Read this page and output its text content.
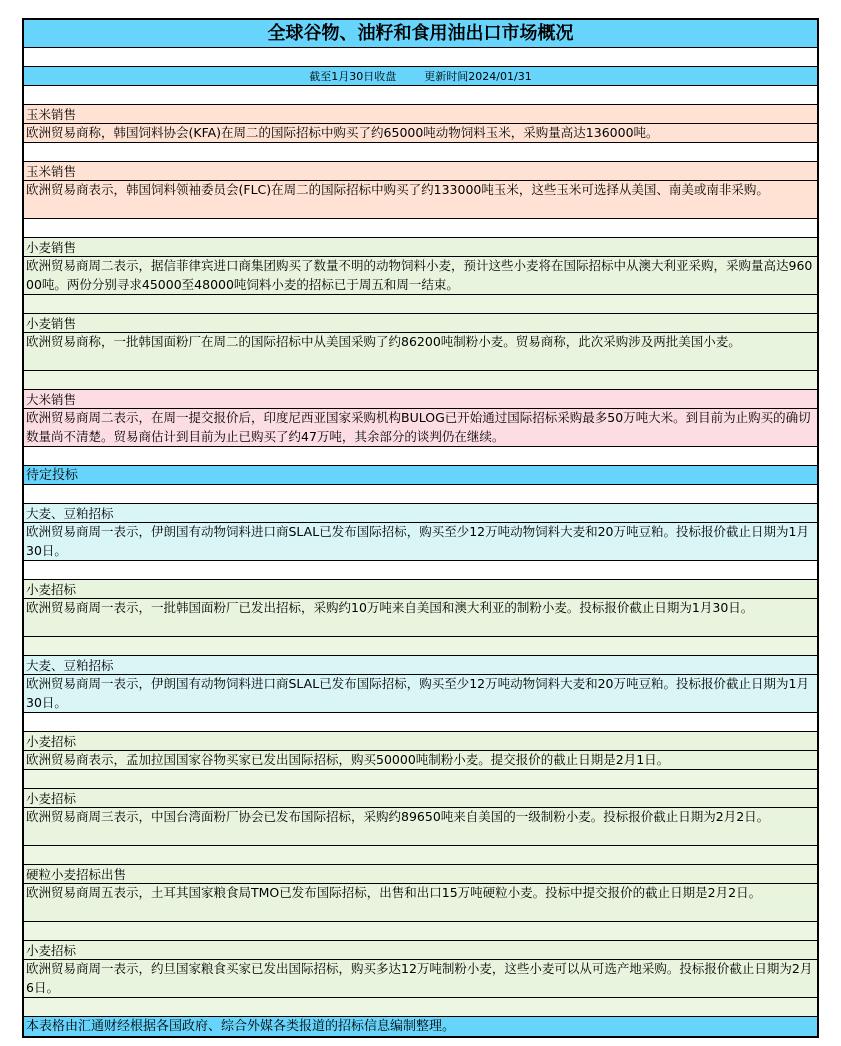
全球谷物、油籽和食用油出口市场概况
截至1月30日收盘	更新时间2024/01/31
玉米销售
欧洲贸易商称，韩国饲料协会(KFA)在周二的国际招标中购买了约65000吨动物饲料玉米，采购量高达136000吨。
玉米销售
欧洲贸易商表示，韩国饲料领袖委员会(FLC)在周二的国际招标中购买了约133000吨玉米，这些玉米可选择从美国、南美或南非采购。
小麦销售
欧洲贸易商周二表示，据信菲律宾进口商集团购买了数量不明的动物饲料小麦，预计这些小麦将在国际招标中从澳大利亚采购，采购量高达96000吨。两份分别寻求45000至48000吨饲料小麦的招标已于周五和周一结束。
小麦销售
欧洲贸易商称，一批韩国面粉厂在周二的国际招标中从美国采购了约86200吨制粉小麦。贸易商称，此次采购涉及两批美国小麦。
大米销售
欧洲贸易商周二表示，在周一提交报价后，印度尼西亚国家采购机构BULOG已开始通过国际招标采购最多50万吨大米。到目前为止购买的确切数量尚不清楚。贸易商估计到目前为止已购买了约47万吨，其余部分的谈判仍在继续。
待定投标
大麦、豆粕招标
欧洲贸易商周一表示，伊朗国有动物饲料进口商SLAL已发布国际招标，购买至少12万吨动物饲料大麦和20万吨豆粕。投标报价截止日期为1月30日。
小麦招标
欧洲贸易商周一表示，一批韩国面粉厂已发出招标，采购约10万吨来自美国和澳大利亚的制粉小麦。投标报价截止日期为1月30日。
大麦、豆粕招标
欧洲贸易商周一表示，伊朗国有动物饲料进口商SLAL已发布国际招标，购买至少12万吨动物饲料大麦和20万吨豆粕。投标报价截止日期为1月30日。
小麦招标
欧洲贸易商表示，孟加拉国国家谷物买家已发出国际招标，购买50000吨制粉小麦。提交报价的截止日期是2月1日。
小麦招标
欧洲贸易商周三表示，中国台湾面粉厂协会已发布国际招标，采购约89650吨来自美国的一级制粉小麦。投标报价截止日期为2月2日。
硬粒小麦招标出售
欧洲贸易商周五表示，土耳其国家粮食局TMO已发布国际招标，出售和出口15万吨硬粒小麦。投标中提交报价的截止日期是2月2日。
小麦招标
欧洲贸易商周一表示，约旦国家粮食买家已发出国际招标，购买多达12万吨制粉小麦，这些小麦可以从可选产地采购。投标报价截止日期为2月6日。
本表格由汇通财经根据各国政府、综合外媒各类报道的招标信息编制整理。
